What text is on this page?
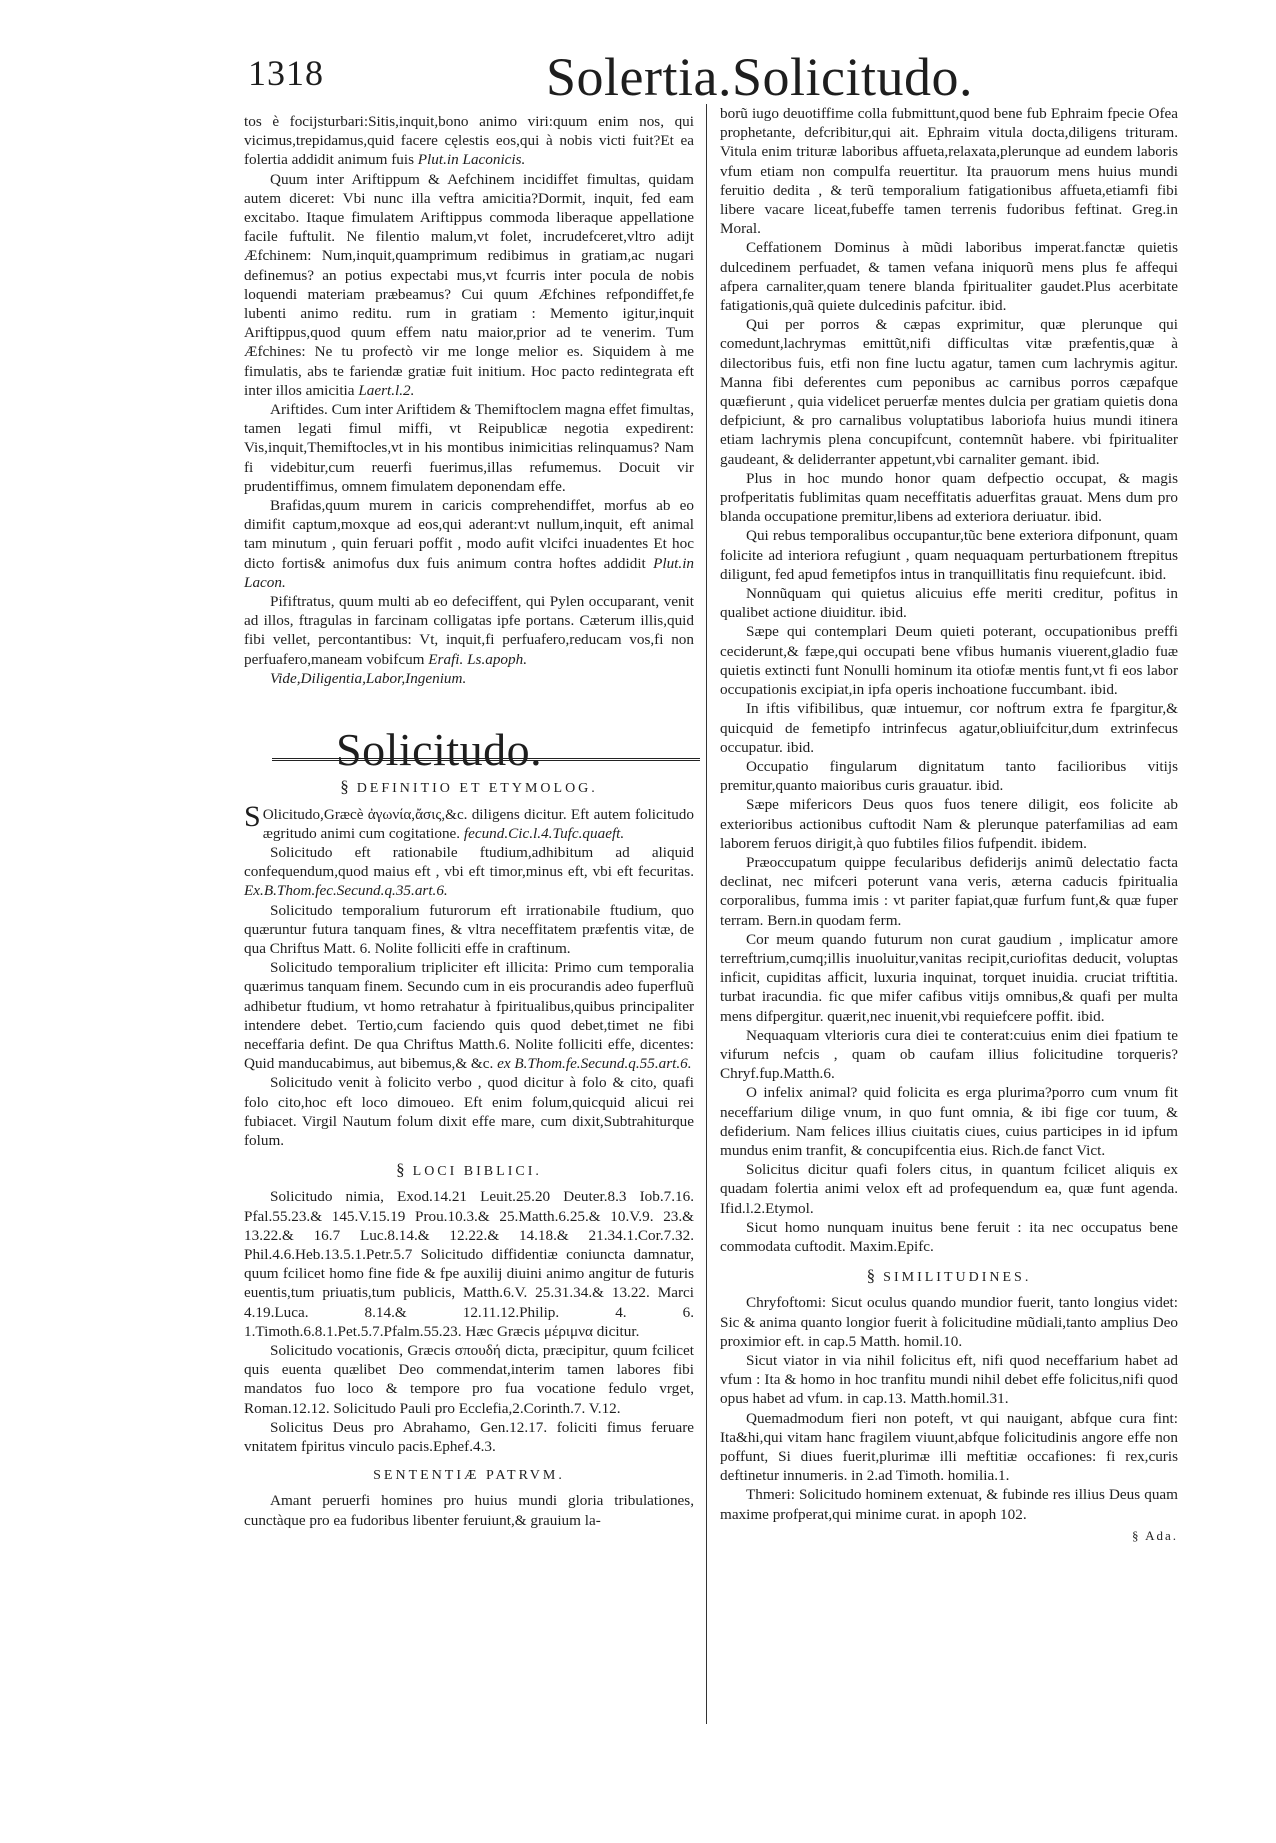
1318	Solertia.Solicitudo.

tos è focijsturbari:Sitis,inquit,bono animo viri:quum enim nos, qui vicimus,trepidamus,quid facere cęlestis eos,qui à nobis victi fuit?Et ea folertia addidit animum fuis Plut.in Laconicis.

Quum inter Ariftippum & Aefchinem incidiffet fimultas, quidam autem diceret: Vbi nunc illa veftra amicitia?Dormit, inquit, fed eam excitabo. Itaque fimulatem Ariftippus commoda liberaque appellatione facile fuftulit. Ne filentio malum,vt folet, incrudefceret,vltro adijt Æfchinem: Num,inquit,quamprimum redibimus in gratiam,ac nugari definemus? an potius expectabi mus,vt fcurris inter pocula de nobis loquendi materiam præbeamus? Cui quum Æfchines refpondiffet,fe lubenti animo reditu. rum in gratiam : Memento igitur,inquit Ariftippus,quod quum effem natu maior,prior ad te venerim. Tum Æfchines: Ne tu profectò vir me longe melior es. Siquidem à me fimulatis, abs te fariendæ gratiæ fuit initium. Hoc pacto redintegrata eft inter illos amicitia Laert.l.2.

Ariftides. Cum inter Ariftidem & Themiftoclem magna effet fimultas, tamen legati fimul miffi, vt Reipublicæ negotia expedirent: Vis,inquit,Themiftocles,vt in his montibus inimicitias relinquamus? Nam fi videbitur,cum reuerfi fuerimus,illas refumemus. Docuit vir prudentiffimus, omnem fimulatem deponendam effe.

Brafidas,quum murem in caricis comprehendiffet, morfus ab eo dimifit captum,moxque ad eos,qui aderant:vt nullum,inquit, eft animal tam minutum , quin feruari poffit , modo aufit vlcifci inuadentes Et hoc dicto fortis& animofus dux fuis animum contra hoftes addidit Plut.in Lacon.

Pififtratus, quum multi ab eo defeciffent, qui Pylen occuparant, venit ad illos, ftragulas in farcinam colligatas ipfe portans. Cæterum illis,quid fibi vellet, percontantibus: Vt, inquit,fi perfuafero,reducam vos,fi non perfuafero,maneam vobifcum Erafi. Ls.apoph.

Vide,Diligentia,Labor,Ingenium.

Solicitudo.
§ DEFINITIO ET ETYMOLOG.

S Olicitudo,Græcè ἀγωνία,ἄσις,&c. diligens dicitur. Eft autem folicitudo ægritudo animi cum cogitatione. fecund.Cic.l.4.Tufc.quaeft.

Solicitudo eft rationabile ftudium,adhibitum ad aliquid confequendum,quod maius eft , vbi eft timor,minus eft, vbi eft fecuritas. Ex.B.Thom.fec.Secund.q.35.art.6.

Solicitudo temporalium futurorum eft irrationabile ftudium, quo quæruntur futura tanquam fines, & vltra neceffitatem præfentis vitæ, de qua Chriftus Matt. 6. Nolite folliciti effe in craftinum.

Solicitudo temporalium tripliciter eft illicita: Primo cum temporalia quærimus tanquam finem. Secundo cum in eis procurandis adeo fuperfluũ adhibetur ftudium, vt homo retrahatur à fpiritualibus,quibus principaliter intendere debet. Tertio,cum faciendo quis quod debet,timet ne fibi neceffaria defint. De qua Chriftus Matth.6. Nolite folliciti effe, dicentes: Quid manducabimus, aut bibemus,& &c. ex B.Thom.fe.Secund.q.55.art.6.

Solicitudo venit à folicito verbo , quod dicitur à folo & cito, quafi folo cito,hoc eft loco dimoueo. Eft enim folum,quicquid alicui rei fubiacet. Virgil Nautum folum dixit effe mare, cum dixit,Subtrahiturque folum.

§ LOCI BIBLICI.

Solicitudo nimia, Exod.14.21 Leuit.25.20 Deuter.8.3 Iob.7.16. Pfal.55.23.& 145.V.15.19 Prou.10.3.& 25.Matth.6.25.& 10.V.9. 23.& 13.22.& 16.7 Luc.8.14.& 12.22.& 14.18.& 21.34.1.Cor.7.32. Phil.4.6.Heb.13.5.1.Petr.5.7 Solicitudo diffidentiæ coniuncta damnatur, quum fcilicet homo fine fide & fpe auxilij diuini animo angitur de futuris euentis,tum priuatis,tum publicis, Matth.6.V. 25.31.34.& 13.22. Marci 4.19.Luca. 8.14.& 12.11.12.Philip. 4. 6. 1.Timoth.6.8.1.Pet.5.7.Pfalm.55.23. Hæc Græcis μέριμνα dicitur.

Solicitudo vocationis, Græcis σπουδή dicta, præcipitur, quum fcilicet quis euenta quælibet Deo commendat,interim tamen labores fibi mandatos fuo loco & tempore pro fua vocatione fedulo vrget, Roman.12.12. Solicitudo Pauli pro Ecclefia,2.Corinth.7. V.12.

Solicitus Deus pro Abrahamo, Gen.12.17. foliciti fimus feruare vnitatem fpiritus vinculo pacis.Ephef.4.3.

SENTENTIÆ PATRVM.

Amant peruerfi homines pro huius mundi gloria tribulationes, cunctàque pro ea fudoribus libenter feruiunt,& grauium la-

borũ iugo deuotiffime colla fubmittunt,quod bene fub Ephraim fpecie Ofea prophetante, defcribitur,qui ait. Ephraim vitula docta,diligens trituram. Vitula enim trituræ laboribus affueta,relaxata,plerunque ad eundem laboris vfum etiam non compulfa reuertitur. Ita prauorum mens huius mundi feruitio dedita , & terũ temporalium fatigationibus affueta,etiamfi fibi libere vacare liceat,fubeffe tamen terrenis fudoribus feftinat. Greg.in Moral.

Ceffationem Dominus à mũdi laboribus imperat.fanctæ quietis dulcedinem perfuadet, & tamen vefana iniquorũ mens plus fe affequi afpera carnaliter,quam tenere blanda fpiritualiter gaudet.Plus acerbitate fatigationis,quã quiete dulcedinis pafcitur. ibid.

Qui per porros & cæpas exprimitur, quæ plerunque qui comedunt,lachrymas emittũt,nifi difficultas vitæ præfentis,quæ à dilectoribus fuis, etfi non fine luctu agatur, tamen cum lachrymis agitur. Manna fibi deferentes cum peponibus ac carnibus porros cæpafque quæfierunt , quia videlicet peruerfæ mentes dulcia per gratiam quietis dona defpiciunt, & pro carnalibus voluptatibus laboriofa huius mundi itinera etiam lachrymis plena concupifcunt, contemnũt habere. vbi fpiritualiter gaudeant, & deliderranter appetunt,vbi carnaliter gemant. ibid.

Plus in hoc mundo honor quam defpectio occupat, & magis profperitatis fublimitas quam neceffitatis aduerfitas grauat. Mens dum pro blanda occupatione premitur,libens ad exteriora deriuatur. ibid.

Qui rebus temporalibus occupantur,tũc bene exteriora difponunt, quam folicite ad interiora refugiunt , quam nequaquam perturbationem ftrepitus diligunt, fed apud femetipfos intus in tranquillitatis finu requiefcunt. ibid.

Nonnũquam qui quietus alicuius effe meriti creditur, pofitus in qualibet actione diuiditur. ibid.

Sæpe qui contemplari Deum quieti poterant, occupationibus preffi ceciderunt,& fæpe,qui occupati bene vfibus humanis viuerent,gladio fuæ quietis extincti funt Nonulli hominum ita otiofæ mentis funt,vt fi eos labor occupationis excipiat,in ipfa operis inchoatione fuccumbant. ibid.

In iftis vifibilibus, quæ intuemur, cor noftrum extra fe fpargitur,& quicquid de femetipfo intrinfecus agatur,obliuifcitur,dum extrinfecus occupatur. ibid.

Occupatio fingularum dignitatum tanto facilioribus vitijs premitur,quanto maioribus curis grauatur. ibid.

Sæpe mifericors Deus quos fuos tenere diligit, eos folicite ab exterioribus actionibus cuftodit Nam & plerunque paterfamilias ad eam laborem feruos dirigit,à quo fubtiles filios fufpendit. ibidem.

Præoccupatum quippe fecularibus defiderijs animũ delectatio facta declinat, nec mifceri poterunt vana veris, æterna caducis fpiritualia corporalibus, fumma imis : vt pariter fapiat,quæ furfum funt,& quæ fuper terram. Bern.in quodam ferm.

Cor meum quando futurum non curat gaudium , implicatur amore terreftrium,cumq;illis inuoluitur,vanitas recipit,curiofitas deducit, voluptas inficit, cupiditas afficit, luxuria inquinat, torquet inuidia. cruciat triftitia. turbat iracundia. fic que mifer cafibus vitijs omnibus,& quafi per multa mens difpergitur. quærit,nec inuenit,vbi requiefcere poffit. ibid.

Nequaquam vlterioris cura diei te conterat:cuius enim diei fpatium te vifurum nefcis , quam ob caufam illius folicitudine torqueris? Chryf.fup.Matth.6.

O infelix animal? quid folicita es erga plurima?porro cum vnum fit neceffarium dilige vnum, in quo funt omnia, & ibi fige cor tuum, & defiderium. Nam felices illius ciuitatis ciues, cuius participes in id ipfum mundus enim tranfit, & concupifcentia eius. Rich.de fanct Vict.

Solicitus dicitur quafi folers citus, in quantum fcilicet aliquis ex quadam folertia animi velox eft ad profequendum ea, quæ funt agenda. Ifid.l.2.Etymol.

Sicut homo nunquam inuitus bene feruit : ita nec occupatus bene commodata cuftodit. Maxim.Epifc.

§ SIMILITUDINES.

Chryfoftomi: Sicut oculus quando mundior fuerit, tanto longius videt: Sic & anima quanto longior fuerit à folicitudine mũdiali,tanto amplius Deo proximior eft. in cap.5 Matth. homil.10.

Sicut viator in via nihil folicitus eft, nifi quod neceffarium habet ad vfum : Ita & homo in hoc tranfitu mundi nihil debet effe folicitus,nifi quod opus habet ad vfum. in cap.13. Matth.homil.31.

Quemadmodum fieri non poteft, vt qui nauigant, abfque cura fint: Ita&hi,qui vitam hanc fragilem viuunt,abfque folicitudinis angore effe non poffunt, Si diues fuerit,plurimæ illi meftitiæ occafiones: fi rex,curis deftinetur innumeris. in 2.ad Timoth. homilia.1.

Thmeri: Solicitudo hominem extenuat, & fubinde res illius Deus quam maxime profperat,qui minime curat. in apoph 102.

§ Ada.
